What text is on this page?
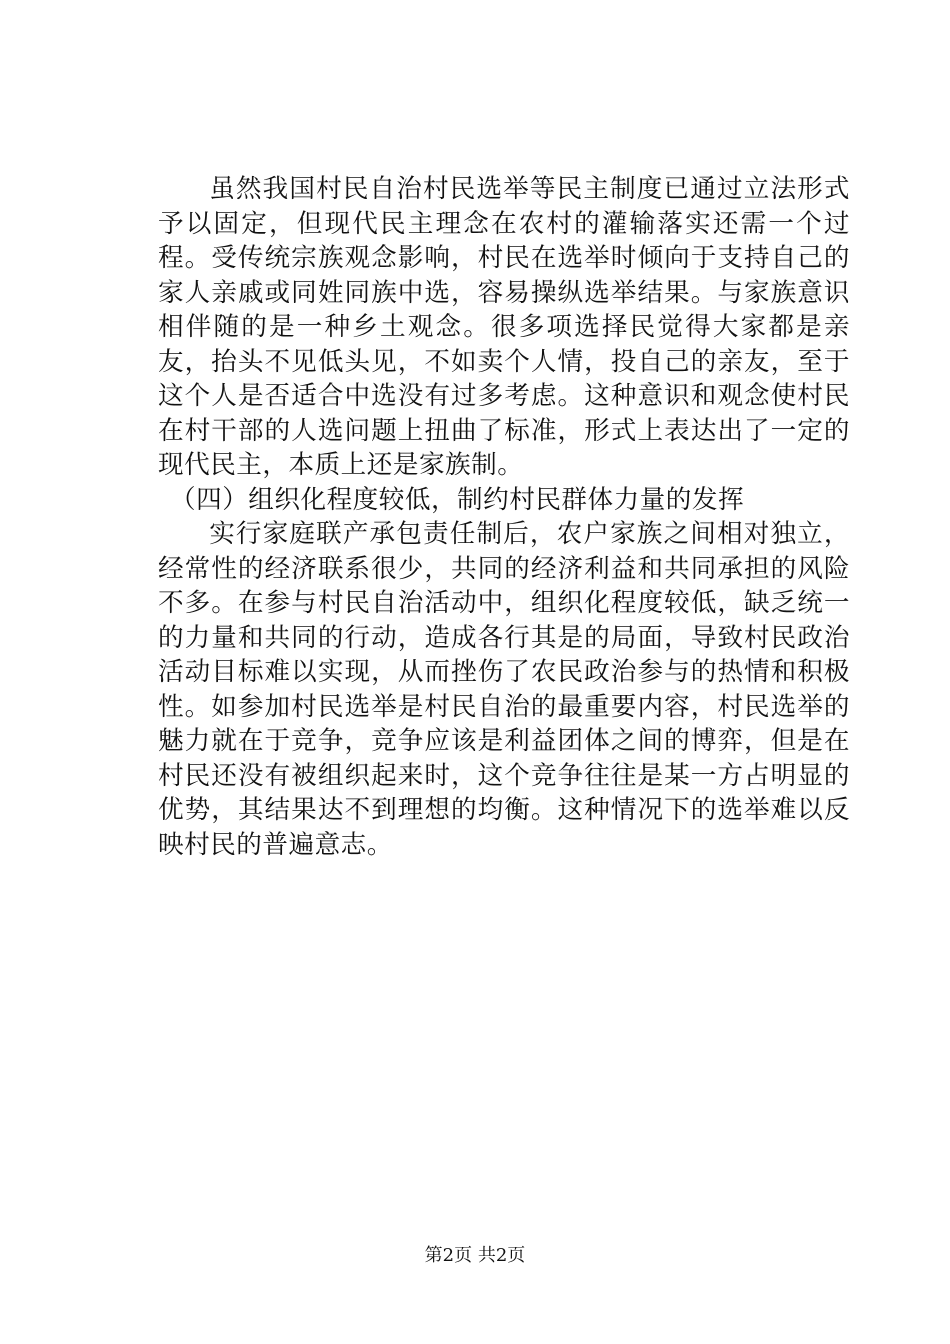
虽然我国村民自治村民选举等民主制度已通过立法形式予以固定，但现代民主理念在农村的灌输落实还需一个过程。受传统宗族观念影响，村民在选举时倾向于支持自己的家人亲戚或同姓同族中选，容易操纵选举结果。与家族意识相伴随的是一种乡土观念。很多项选择民觉得大家都是亲友，抬头不见低头见，不如卖个人情，投自己的亲友，至于这个人是否适合中选没有过多考虑。这种意识和观念使村民在村干部的人选问题上扭曲了标准，形式上表达出了一定的现代民主，本质上还是家族制。

（四）组织化程度较低，制约村民群体力量的发挥

实行家庭联产承包责任制后，农户家族之间相对独立，经常性的经济联系很少，共同的经济利益和共同承担的风险不多。在参与村民自治活动中，组织化程度较低，缺乏统一的力量和共同的行动，造成各行其是的局面，导致村民政治活动目标难以实现，从而挫伤了农民政治参与的热情和积极性。如参加村民选举是村民自治的最重要内容，村民选举的魅力就在于竞争，竞争应该是利益团体之间的博弈，但是在村民还没有被组织起来时，这个竞争往往是某一方占明显的优势，其结果达不到理想的均衡。这种情况下的选举难以反映村民的普遍意志。

第2页 共2页
